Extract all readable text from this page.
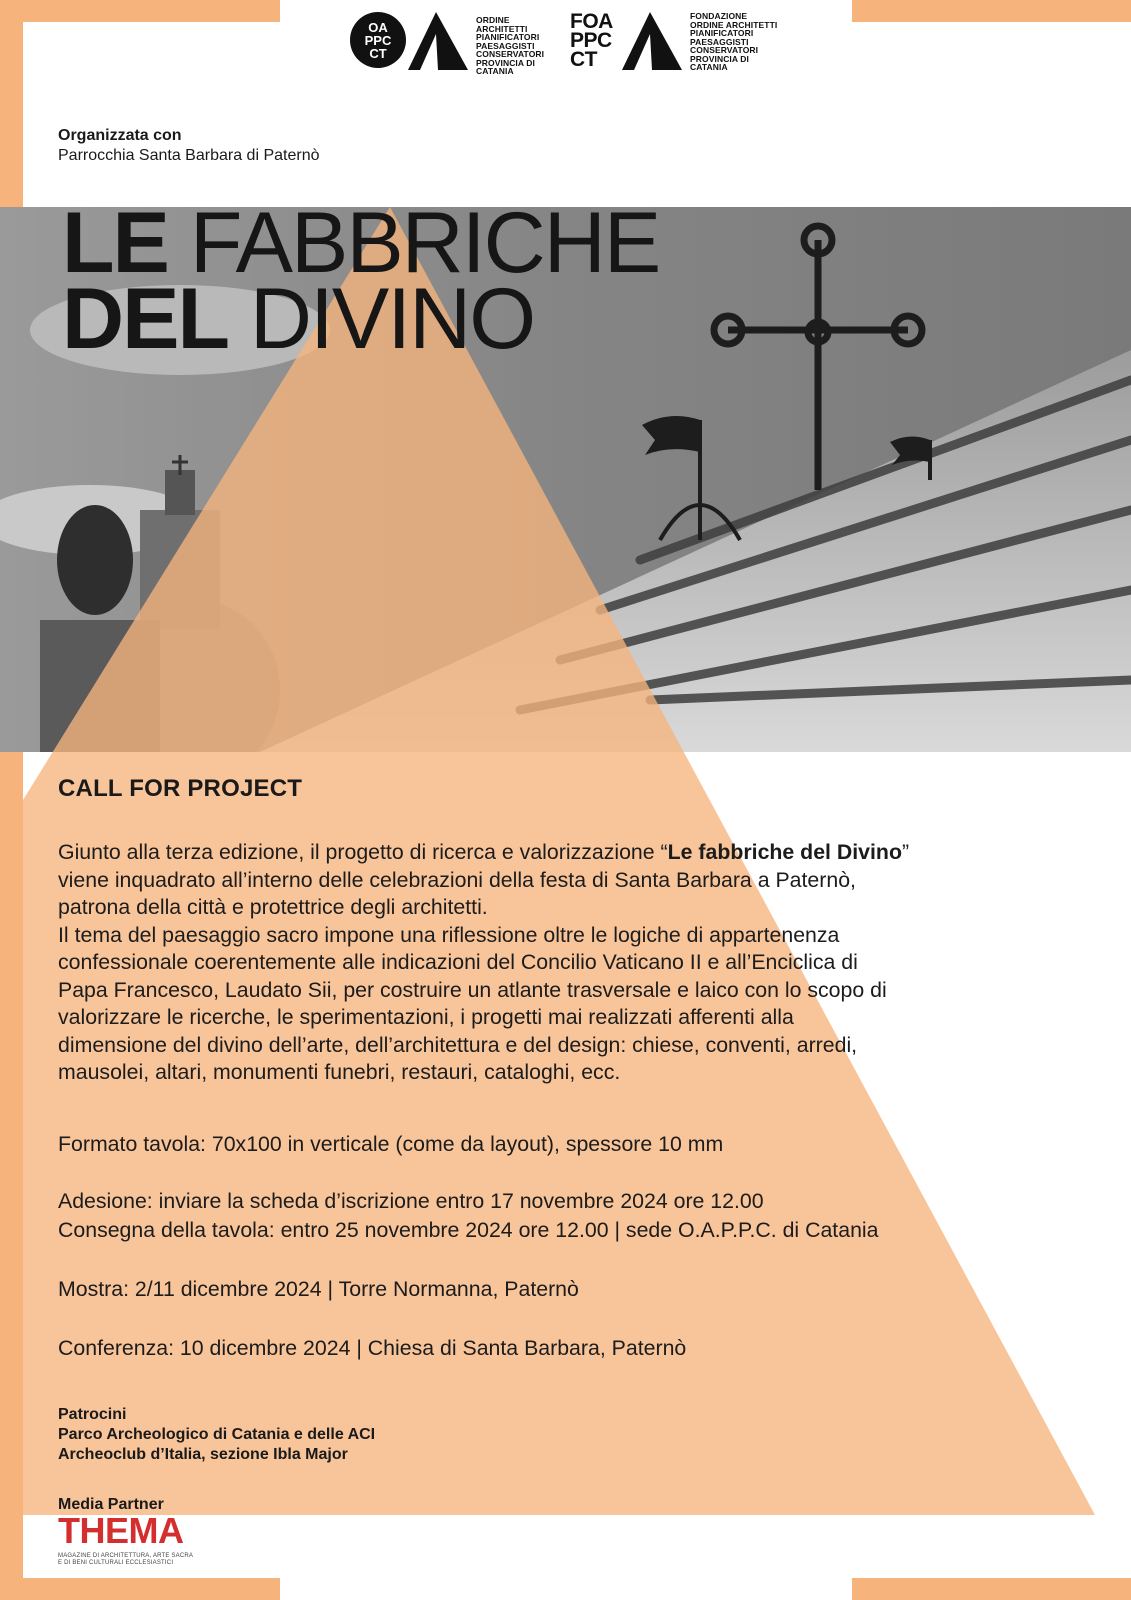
OA
PPC
CT
ORDINE
ARCHITETTI
PIANIFICATORI
PAESAGGISTI
CONSERVATORI
PROVINCIA DI
CATANIA
FOA
PPC
CT
FONDAZIONE
ORDINE ARCHITETTI
PIANIFICATORI
PAESAGGISTI
CONSERVATORI
PROVINCIA DI
CATANIA
Organizzata con
Parrocchia Santa Barbara di Paternò
LE FABBRICHE
DEL DIVINO
CALL FOR PROJECT
Giunto alla terza edizione, il progetto di ricerca e valorizzazione “Le fabbriche del Divino”
viene inquadrato all’interno delle celebrazioni della festa di Santa Barbara a Paternò,
patrona della città e protettrice degli architetti.
Il tema del paesaggio sacro impone una riflessione oltre le logiche di appartenenza
confessionale coerentemente alle indicazioni del Concilio Vaticano II e all’Enciclica di
Papa Francesco, Laudato Sii, per costruire un atlante trasversale e laico con lo scopo di
valorizzare le ricerche, le sperimentazioni, i progetti mai realizzati afferenti alla
dimensione del divino dell’arte, dell’architettura e del design: chiese, conventi, arredi,
mausolei, altari, monumenti funebri, restauri, cataloghi, ecc.
Formato tavola: 70x100 in verticale (come da layout), spessore 10 mm
Adesione: inviare la scheda d’iscrizione entro 17 novembre 2024 ore 12.00
Consegna della tavola: entro 25 novembre 2024 ore 12.00 | sede O.A.P.P.C. di Catania
Mostra: 2/11 dicembre 2024 | Torre Normanna, Paternò
Conferenza: 10 dicembre 2024 | Chiesa di Santa Barbara, Paternò
Patrocini
Parco Archeologico di Catania e delle ACI
Archeoclub d’Italia, sezione Ibla Major
Media Partner
THEMA
MAGAZINE DI ARCHITETTURA, ARTE SACRA
E DI BENI CULTURALI ECCLESIASTICI
